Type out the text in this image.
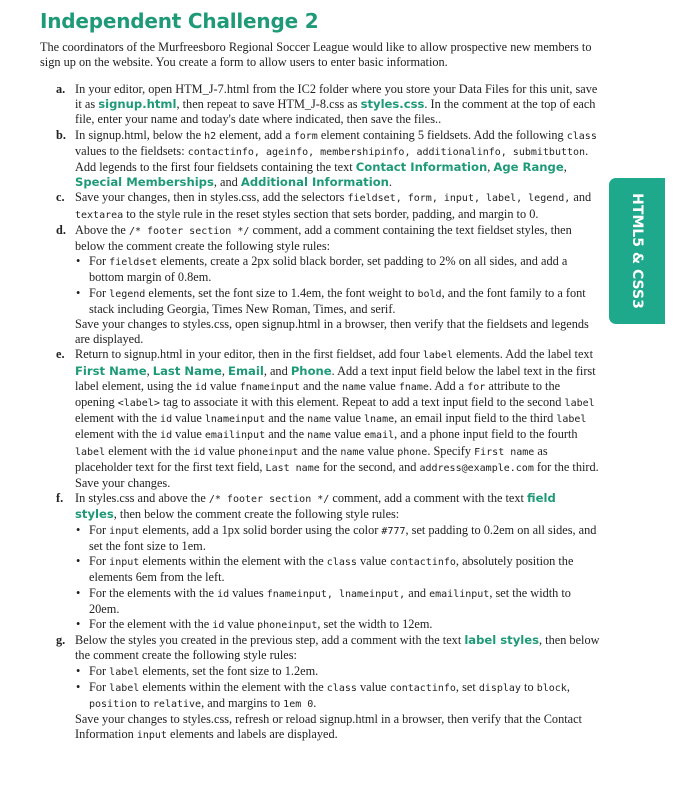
Independent Challenge 2

The coordinators of the Murfreesboro Regional Soccer League would like to allow prospective new members to sign up on the website. You create a form to allow users to enter basic information.

a. In your editor, open HTM_J-7.html from the IC2 folder where you store your Data Files for this unit, save it as signup.html, then repeat to save HTM_J-8.css as styles.css. In the comment at the top of each file, enter your name and today's date where indicated, then save the files..
b. In signup.html, below the h2 element, add a form element containing 5 fieldsets. Add the following class values to the fieldsets: contactinfo, ageinfo, membershipinfo, additionalinfo, submitbutton. Add legends to the first four fieldsets containing the text Contact Information, Age Range, Special Memberships, and Additional Information.
c. Save your changes, then in styles.css, add the selectors fieldset, form, input, label, legend, and textarea to the style rule in the reset styles section that sets border, padding, and margin to 0.
d. Above the /* footer section */ comment, add a comment containing the text fieldset styles, then below the comment create the following style rules:
• For fieldset elements, create a 2px solid black border, set padding to 2% on all sides, and add a bottom margin of 0.8em.
• For legend elements, set the font size to 1.4em, the font weight to bold, and the font family to a font stack including Georgia, Times New Roman, Times, and serif.
Save your changes to styles.css, open signup.html in a browser, then verify that the fieldsets and legends are displayed.
e. Return to signup.html in your editor, then in the first fieldset, add four label elements. Add the label text First Name, Last Name, Email, and Phone. Add a text input field below the label text in the first label element, using the id value fnameinput and the name value fname. Add a for attribute to the opening <label> tag to associate it with this element. Repeat to add a text input field to the second label element with the id value lnameinput and the name value lname, an email input field to the third label element with the id value emailinput and the name value email, and a phone input field to the fourth label element with the id value phoneinput and the name value phone. Specify First name as placeholder text for the first text field, Last name for the second, and address@example.com for the third. Save your changes.
f. In styles.css and above the /* footer section */ comment, add a comment with the text field styles, then below the comment create the following style rules:
• For input elements, add a 1px solid border using the color #777, set padding to 0.2em on all sides, and set the font size to 1em.
• For input elements within the element with the class value contactinfo, absolutely position the elements 6em from the left.
• For the elements with the id values fnameinput, lnameinput, and emailinput, set the width to 20em.
• For the element with the id value phoneinput, set the width to 12em.
g. Below the styles you created in the previous step, add a comment with the text label styles, then below the comment create the following style rules:
• For label elements, set the font size to 1.2em.
• For label elements within the element with the class value contactinfo, set display to block, position to relative, and margins to 1em 0.
Save your changes to styles.css, refresh or reload signup.html in a browser, then verify that the Contact Information input elements and labels are displayed.
HTML5 & CSS3
